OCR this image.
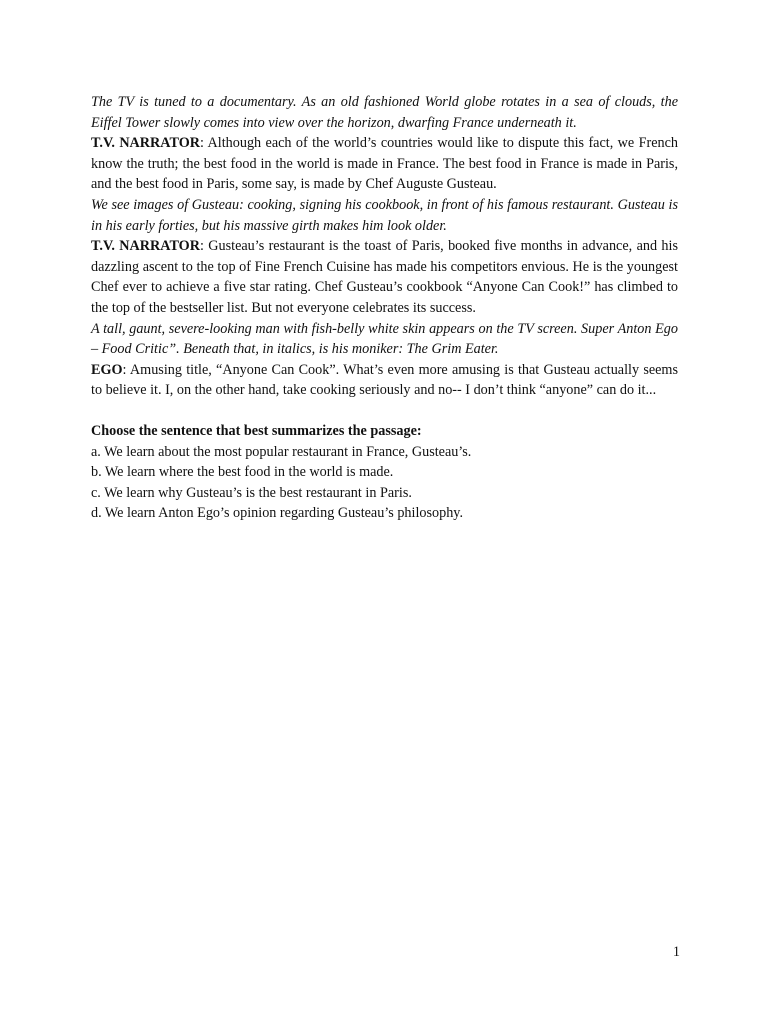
The TV is tuned to a documentary. As an old fashioned World globe rotates in a sea of clouds, the Eiffel Tower slowly comes into view over the horizon, dwarfing France underneath it.

T.V. NARRATOR: Although each of the world’s countries would like to dispute this fact, we French know the truth; the best food in the world is made in France. The best food in France is made in Paris, and the best food in Paris, some say, is made by Chef Auguste Gusteau.

We see images of Gusteau: cooking, signing his cookbook, in front of his famous restaurant. Gusteau is in his early forties, but his massive girth makes him look older.

T.V. NARRATOR: Gusteau’s restaurant is the toast of Paris, booked five months in advance, and his dazzling ascent to the top of Fine French Cuisine has made his competitors envious. He is the youngest Chef ever to achieve a five star rating. Chef Gusteau’s cookbook “Anyone Can Cook!” has climbed to the top of the bestseller list. But not everyone celebrates its success.

A tall, gaunt, severe-looking man with fish-belly white skin appears on the TV screen. Super Anton Ego – Food Critic”. Beneath that, in italics, is his moniker: The Grim Eater.

EGO: Amusing title, “Anyone Can Cook”. What’s even more amusing is that Gusteau actually seems to believe it. I, on the other hand, take cooking seriously and no-- I don’t think “anyone” can do it...

Choose the sentence that best summarizes the passage:

a. We learn about the most popular restaurant in France, Gusteau’s.

b. We learn where the best food in the world is made.

c. We learn why Gusteau’s is the best restaurant in Paris.

d. We learn Anton Ego’s opinion regarding Gusteau’s philosophy.

1
